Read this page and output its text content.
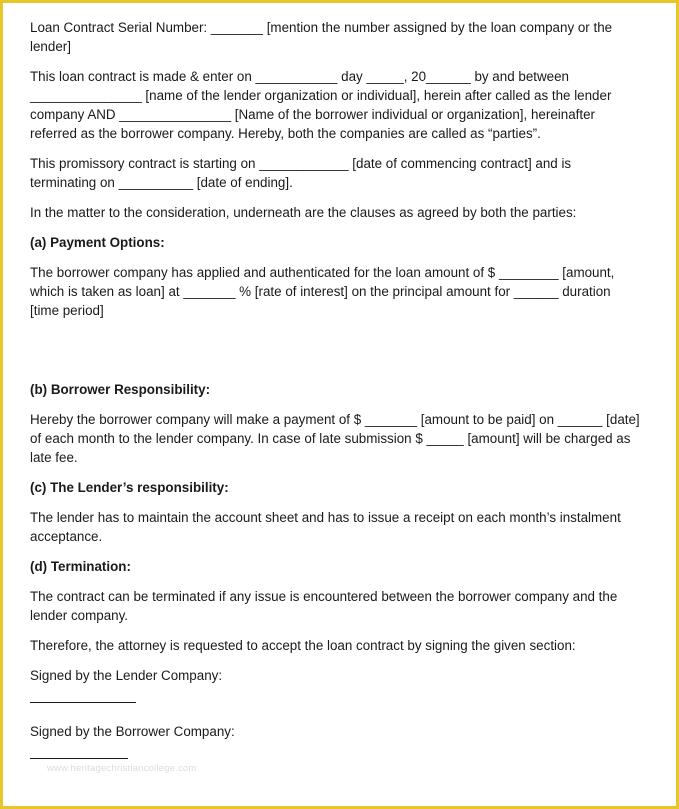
Loan Contract Serial Number: _______ [mention the number assigned by the loan company or the lender]

This loan contract is made & enter on ___________ day _____, 20______ by and between _______________ [name of the lender organization or individual], herein after called as the lender company AND _______________ [Name of the borrower individual or organization], hereinafter referred as the borrower company. Hereby, both the companies are called as “parties”.

This promissory contract is starting on ____________ [date of commencing contract] and is terminating on __________ [date of ending].

In the matter to the consideration, underneath are the clauses as agreed by both the parties:

(a) Payment Options:

The borrower company has applied and authenticated for the loan amount of $ ________ [amount, which is taken as loan] at _______ % [rate of interest] on the principal amount for ______ duration [time period]

(b) Borrower Responsibility:

Hereby the borrower company will make a payment of $ _______ [amount to be paid] on ______ [date] of each month to the lender company. In case of late submission $ _____ [amount] will be charged as late fee.

(c) The Lender’s responsibility:

The lender has to maintain the account sheet and has to issue a receipt on each month’s instalment acceptance.

(d) Termination:

The contract can be terminated if any issue is encountered between the borrower company and the lender company.

Therefore, the attorney is requested to accept the loan contract by signing the given section:

Signed by the Lender Company:

Signed by the Borrower Company:

www.heritagechristiancollege.com
